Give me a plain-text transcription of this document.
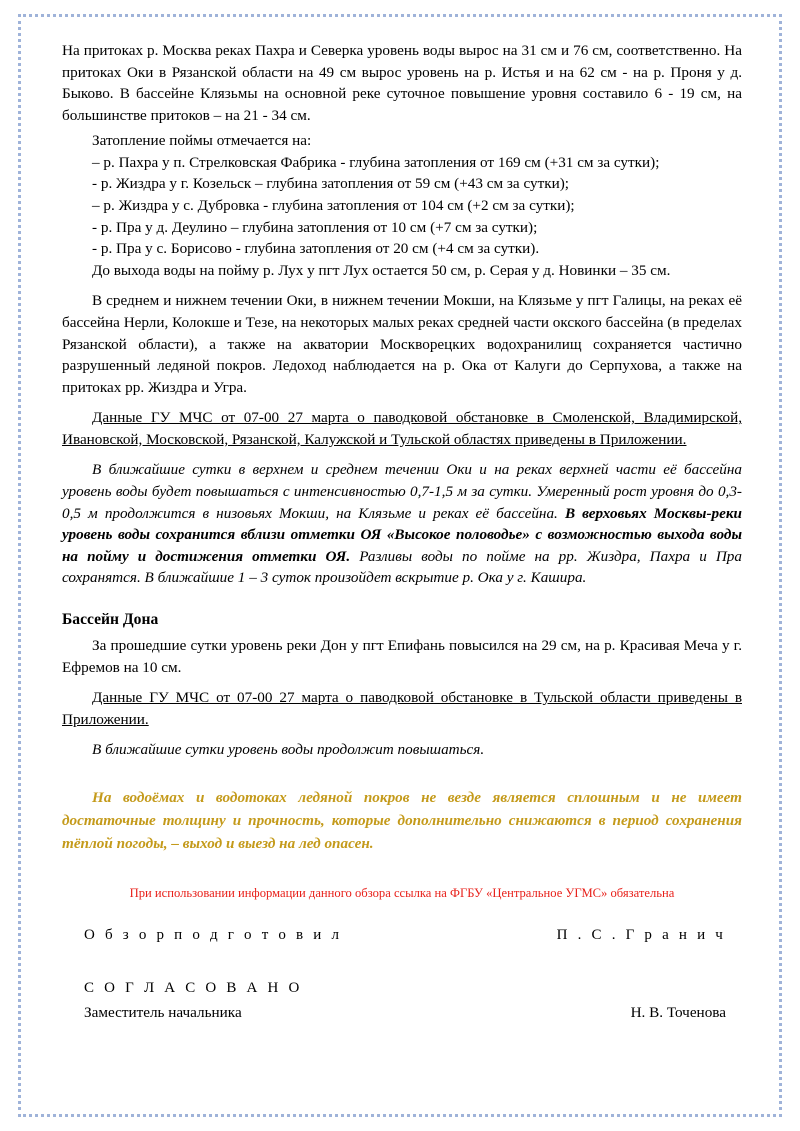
На притоках р. Москва реках Пахра и Северка уровень воды вырос на 31 см и 76 см, соответственно. На притоках Оки в Рязанской области на 49 см вырос уровень на р. Истья и на 62 см - на р. Проня у д. Быково. В бассейне Клязьмы на основной реке суточное повышение уровня составило 6 - 19 см, на большинстве притоков – на 21 - 34 см.

Затопление поймы отмечается на:

– р. Пахра у п. Стрелковская Фабрика - глубина затопления от 169 см (+31 см за сутки);

- р. Жиздра у г. Козельск – глубина затопления от 59 см (+43 см за сутки);

– р. Жиздра у с. Дубровка - глубина затопления от 104 см (+2 см за сутки);

- р. Пра у д. Деулино – глубина затопления от 10 см (+7 см за сутки);

- р. Пра у с. Борисово - глубина затопления от 20 см (+4 см за сутки).

До выхода воды на пойму р. Лух у пгт Лух остается 50 см, р. Серая у д. Новинки – 35 см.

В среднем и нижнем течении Оки, в нижнем течении Мокши, на Клязьме у пгт Галицы, на реках её бассейна Нерли, Колокше и Тезе, на некоторых малых реках средней части окского бассейна (в пределах Рязанской области), а также на акватории Москворецких водохранилищ сохраняется частично разрушенный ледяной покров. Ледоход наблюдается на р. Ока от Калуги до Серпухова, а также на притоках рр. Жиздра и Угра.

Данные ГУ МЧС от 07-00 27 марта о паводковой обстановке в Смоленской, Владимирской, Ивановской, Московской, Рязанской, Калужской и Тульской областях приведены в Приложении.

В ближайшие сутки в верхнем и среднем течении Оки и на реках верхней части её бассейна уровень воды будет повышаться с интенсивностью 0,7-1,5 м за сутки. Умеренный рост уровня до 0,3-0,5 м продолжится в низовьях Мокши, на Клязьме и реках её бассейна. В верховьях Москвы-реки уровень воды сохранится вблизи отметки ОЯ «Высокое половодье» с возможностью выхода воды на пойму и достижения отметки ОЯ. Разливы воды по пойме на рр. Жиздра, Пахра и Пра сохранятся. В ближайшие 1 – 3 суток произойдет вскрытие р. Ока у г. Кашира.

Бассейн Дона

За прошедшие сутки уровень реки Дон у пгт Епифань повысился на 29 см, на р. Красивая Меча у г. Ефремов на 10 см.

Данные ГУ МЧС от 07-00 27 марта о паводковой обстановке в Тульской области приведены в Приложении.

В ближайшие сутки уровень воды продолжит повышаться.

На водоёмах и водотоках ледяной покров не везде является сплошным и не имеет достаточные толщину и прочность, которые дополнительно снижаются в период сохранения тёплой погоды, – выход и выезд на лед опасен.

При использовании информации данного обзора ссылка на ФГБУ «Центральное УГМС» обязательна

О б з о р п о д г о т о в и л	П . С . Г р а н и ч
С О Г Л А С О В А Н О
Заместитель начальника	Н. В. Точенова
